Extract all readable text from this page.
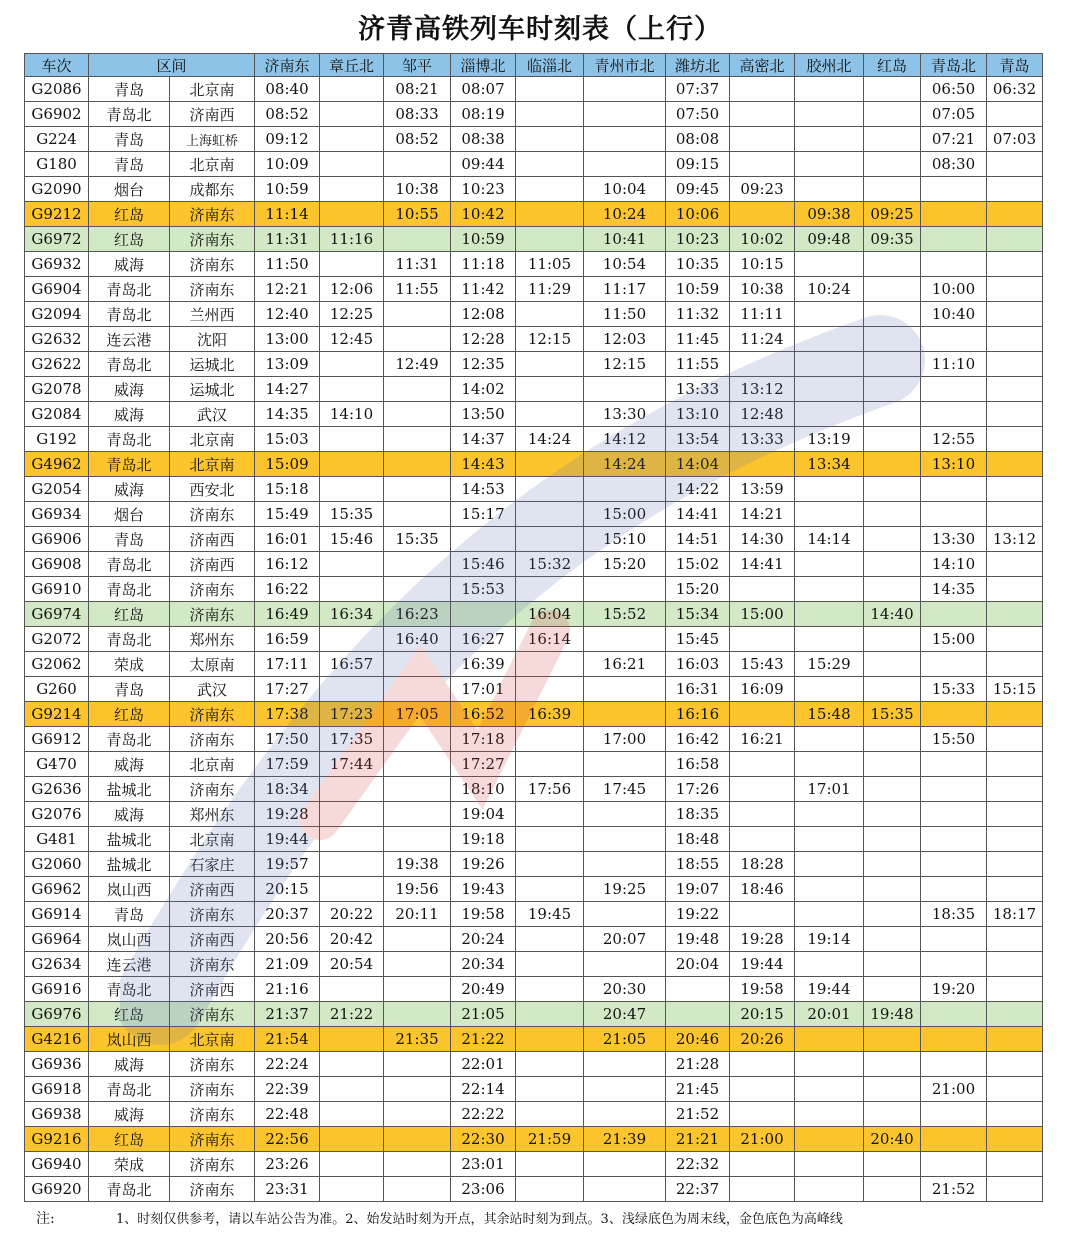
济青高铁列车时刻表（上行）
车次	区间		济南东	章丘北	邹平	淄博北	临淄北	青州市北	潍坊北	高密北	胶州北	红岛	青岛北	青岛
G2086	青岛	北京南	08:40		08:21	08:07			07:37				06:50	06:32
G6902	青岛北	济南西	08:52		08:33	08:19			07:50				07:05	
G224	青岛	上海虹桥	09:12		08:52	08:38			08:08				07:21	07:03
G180	青岛	北京南	10:09			09:44			09:15				08:30	
G2090	烟台	成都东	10:59		10:38	10:23		10:04	09:45	09:23				
G9212	红岛	济南东	11:14		10:55	10:42		10:24	10:06		09:38	09:25		
G6972	红岛	济南东	11:31	11:16		10:59		10:41	10:23	10:02	09:48	09:35		
G6932	威海	济南东	11:50		11:31	11:18	11:05	10:54	10:35	10:15				
G6904	青岛北	济南东	12:21	12:06	11:55	11:42	11:29	11:17	10:59	10:38	10:24		10:00	
G2094	青岛北	兰州西	12:40	12:25		12:08		11:50	11:32	11:11			10:40	
G2632	连云港	沈阳	13:00	12:45		12:28	12:15	12:03	11:45	11:24				
G2622	青岛北	运城北	13:09		12:49	12:35		12:15	11:55				11:10	
G2078	威海	运城北	14:27			14:02			13:33	13:12				
G2084	威海	武汉	14:35	14:10		13:50		13:30	13:10	12:48				
G192	青岛北	北京南	15:03			14:37	14:24	14:12	13:54	13:33	13:19		12:55	
G4962	青岛北	北京南	15:09			14:43		14:24	14:04		13:34		13:10	
G2054	威海	西安北	15:18			14:53			14:22	13:59				
G6934	烟台	济南东	15:49	15:35		15:17		15:00	14:41	14:21				
G6906	青岛	济南西	16:01	15:46	15:35			15:10	14:51	14:30	14:14		13:30	13:12
G6908	青岛北	济南西	16:12			15:46	15:32	15:20	15:02	14:41			14:10	
G6910	青岛北	济南东	16:22			15:53			15:20				14:35	
G6974	红岛	济南东	16:49	16:34	16:23		16:04	15:52	15:34	15:00		14:40		
G2072	青岛北	郑州东	16:59		16:40	16:27	16:14		15:45				15:00	
G2062	荣成	太原南	17:11	16:57		16:39		16:21	16:03	15:43	15:29			
G260	青岛	武汉	17:27			17:01			16:31	16:09			15:33	15:15
G9214	红岛	济南东	17:38	17:23	17:05	16:52	16:39		16:16		15:48	15:35		
G6912	青岛北	济南东	17:50	17:35		17:18		17:00	16:42	16:21			15:50	
G470	威海	北京南	17:59	17:44		17:27			16:58					
G2636	盐城北	济南东	18:34			18:10	17:56	17:45	17:26		17:01			
G2076	威海	郑州东	19:28			19:04			18:35					
G481	盐城北	北京南	19:44			19:18			18:48					
G2060	盐城北	石家庄	19:57		19:38	19:26			18:55	18:28				
G6962	岚山西	济南西	20:15		19:56	19:43		19:25	19:07	18:46				
G6914	青岛	济南东	20:37	20:22	20:11	19:58	19:45		19:22				18:35	18:17
G6964	岚山西	济南西	20:56	20:42		20:24		20:07	19:48	19:28	19:14			
G2634	连云港	济南东	21:09	20:54		20:34			20:04	19:44				
G6916	青岛北	济南西	21:16			20:49		20:30		19:58	19:44		19:20	
G6976	红岛	济南东	21:37	21:22		21:05		20:47		20:15	20:01	19:48		
G4216	岚山西	北京南	21:54		21:35	21:22		21:05	20:46	20:26				
G6936	威海	济南东	22:24			22:01			21:28					
G6918	青岛北	济南东	22:39			22:14			21:45				21:00	
G6938	威海	济南东	22:48			22:22			21:52					
G9216	红岛	济南东	22:56			22:30	21:59	21:39	21:21	21:00		20:40		
G6940	荣成	济南东	23:26			23:01			22:32					
G6920	青岛北	济南东	23:31			23:06			22:37				21:52	
注:	1、时刻仅供参考，请以车站公告为准。2、始发站时刻为开点，其余站时刻为到点。3、浅绿底色为周末线，金色底色为高峰线
